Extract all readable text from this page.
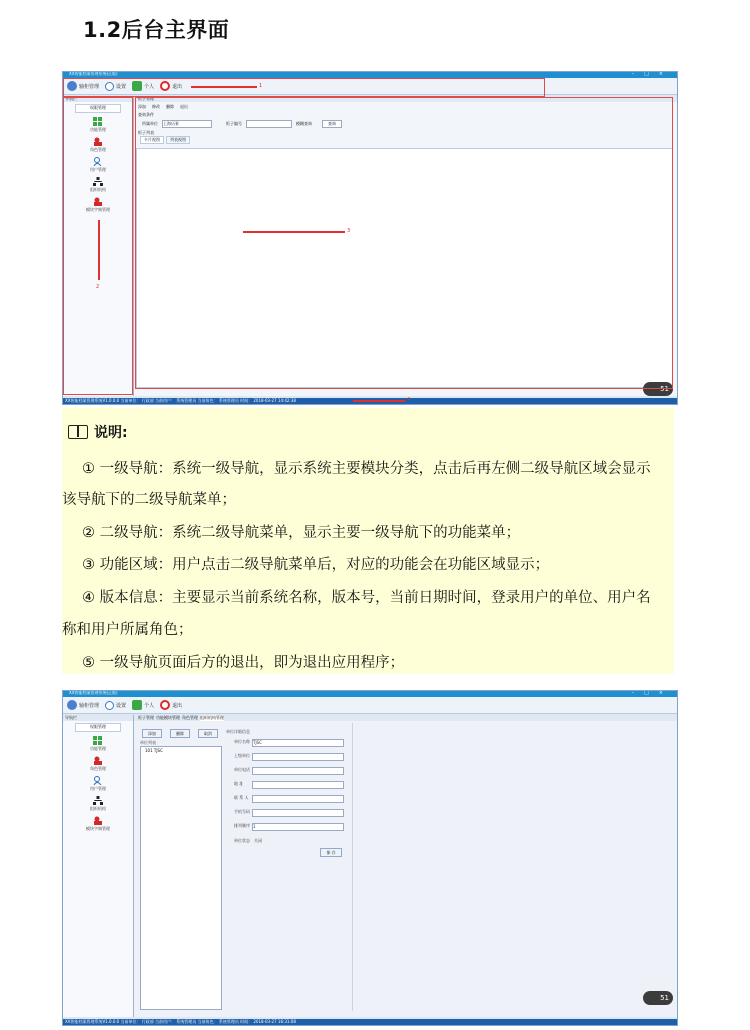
1.2后台主界面
XX智能档案管理系统(正版)	–□×
轴柜管理	设置	个人	退出
导航栏
权限管理
功能管理
角色管理
用户管理
组织机构
模块字典管理
柜子管理
添加 修改 删除 退出
查询条件
所属单位 上海历景	柜子编号	模糊查询	查询
柜子列表
卡片视图	列表视图
XX智能档案管理系统V1.0.0.0 当前单位： 行政部 当前用户： 系统管理员 当前角色： 系统管理员 时间： 2018-03-27 14:42:38
51
1
2
3
4
说明:

① 一级导航：系统一级导航，显示系统主要模块分类，点击后再左侧二级导航区域会显示

该导航下的二级导航菜单；

② 二级导航：系统二级导航菜单，显示主要一级导航下的功能菜单；

③ 功能区域：用户点击二级导航菜单后，对应的功能会在功能区域显示；

④ 版本信息：主要显示当前系统名称，版本号，当前日期时间，登录用户的单位、用户名

称和用户所属角色；

⑤ 一级导航页面后方的退出，即为退出应用程序；

XX智能档案管理系统(正版)	–□×
轴柜管理	设置	个人	退出
导航栏
权限管理
功能管理
角色管理
用户管理
组织机构
模块字典管理
柜子管理 功能模块管理 角色管理 组织机构管理
添加	删除	取消
单位列表
101 TJSC
单位详细信息
单位名称 TJSC
上级单位
单位电话
地 址
联 系 人
手机号码
排列顺序 1
单位状态 关闭
保 存
XX智能档案管理系统V1.0.0.0 当前单位： 行政部 当前用户： 系统管理员 当前角色： 系统管理员 时间： 2018-03-27 16:31:08
51
